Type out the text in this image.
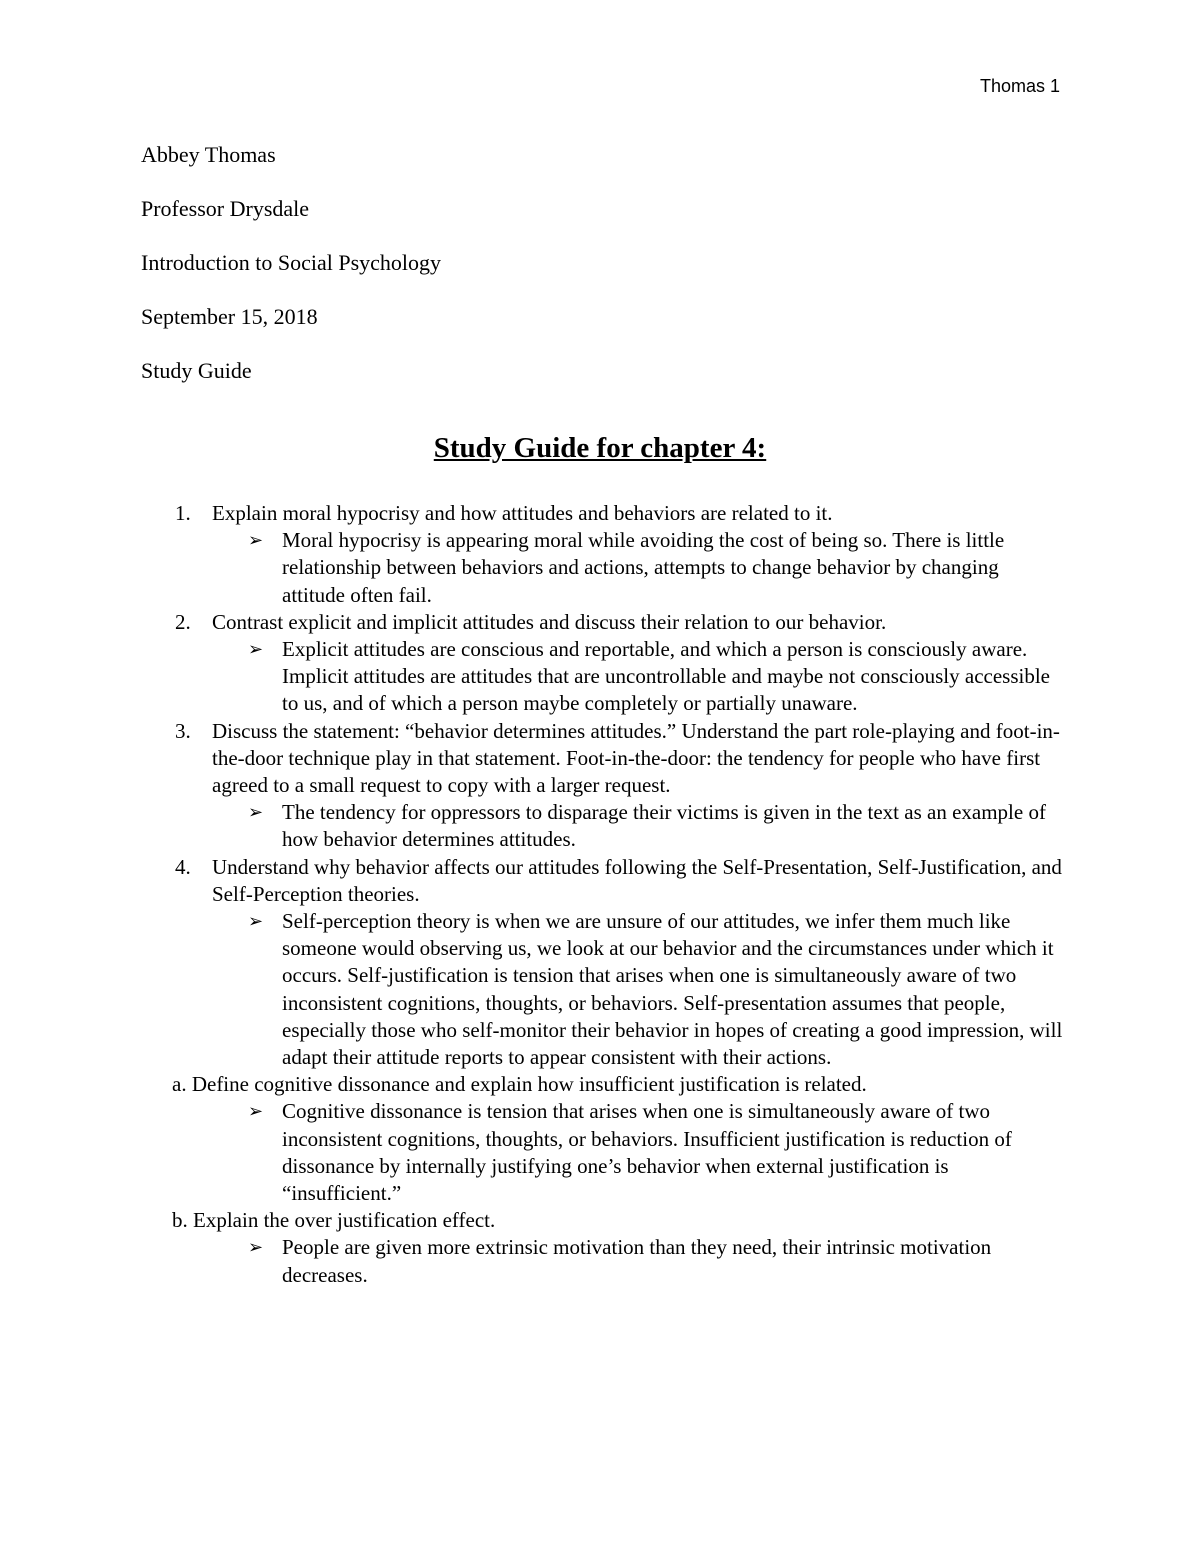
Thomas 1
Abbey Thomas
Professor Drysdale
Introduction to Social Psychology
September 15, 2018
Study Guide
Study Guide for chapter 4:
1.	Explain moral hypocrisy and how attitudes and behaviors are related to it.
➢ Moral hypocrisy is appearing moral while avoiding the cost of being so. There is little relationship between behaviors and actions, attempts to change behavior by changing attitude often fail.
2.	Contrast explicit and implicit attitudes and discuss their relation to our behavior.
➢ Explicit attitudes are conscious and reportable, and which a person is consciously aware. Implicit attitudes are attitudes that are uncontrollable and maybe not consciously accessible to us, and of which a person maybe completely or partially unaware.
3.	Discuss the statement: “behavior determines attitudes.” Understand the part role-playing and foot-in-the-door technique play in that statement. Foot-in-the-door: the tendency for people who have first agreed to a small request to copy with a larger request.
➢ The tendency for oppressors to disparage their victims is given in the text as an example of how behavior determines attitudes.
4.	Understand why behavior affects our attitudes following the Self-Presentation, Self-Justification, and Self-Perception theories.
➢ Self-perception theory is when we are unsure of our attitudes, we infer them much like someone would observing us, we look at our behavior and the circumstances under which it occurs. Self-justification is tension that arises when one is simultaneously aware of two inconsistent cognitions, thoughts, or behaviors. Self-presentation assumes that people, especially those who self-monitor their behavior in hopes of creating a good impression, will adapt their attitude reports to appear consistent with their actions.
a. Define cognitive dissonance and explain how insufficient justification is related.
➢ Cognitive dissonance is tension that arises when one is simultaneously aware of two inconsistent cognitions, thoughts, or behaviors. Insufficient justification is reduction of dissonance by internally justifying one’s behavior when external justification is “insufficient.”
b. Explain the over justification effect.
➢ People are given more extrinsic motivation than they need, their intrinsic motivation decreases.
